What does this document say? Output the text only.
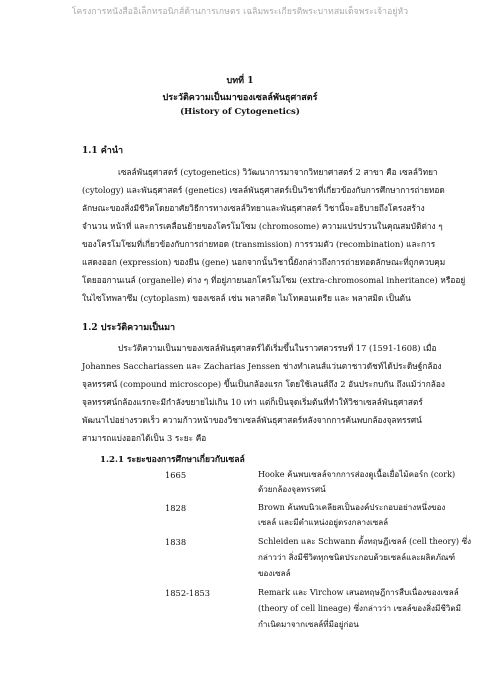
โครงการหนังสืออิเล็กทรอนิกส์ด้านการเกษตร เฉลิมพระเกียรติพระบาทสมเด็จพระเจ้าอยู่หัว
บทที่ 1
ประวัติความเป็นมาของเซลล์พันธุศาสตร์
(History of Cytogenetics)
1.1 คำนำ
เซลล์พันธุศาสตร์ (cytogenetics) วิวัฒนาการมาจากวิทยาศาสตร์ 2 สาขา คือ เซลล์วิทยา
(cytology) และพันธุศาสตร์ (genetics) เซลล์พันธุศาสตร์เป็นวิชาที่เกี่ยวข้องกับการศึกษาการถ่ายทอด
ลักษณะของสิ่งมีชีวิตโดยอาศัยวิธีการทางเซลล์วิทยาและพันธุศาสตร์ วิชานี้จะอธิบายถึงโครงสร้าง
จำนวน หน้าที่ และการเคลื่อนย้ายของโครโมโซม (chromosome) ความแปรปรวนในคุณสมบัติต่าง ๆ
ของโครโมโซมที่เกี่ยวข้องกับการถ่ายทอด (transmission) การรวมตัว (recombination) และการ
แสดงออก (expression) ของยีน (gene) นอกจากนั้นวิชานี้ยังกล่าวถึงการถ่ายทอดลักษณะที่ถูกควบคุม
โดยออกานเนล์ (organelle) ต่าง ๆ ที่อยู่ภายนอกโครโมโซม (extra-chromosomal inheritance) หรืออยู่
ในไซโทพลาซึม (cytoplasm) ของเซลล์ เช่น พลาสติด ไมโทคอนเดรีย และ พลาสมิด เป็นต้น
1.2 ประวัติความเป็นมา
ประวัติความเป็นมาของเซลล์พันธุศาสตร์ได้เริ่มขึ้นในราวศตวรรษที่ 17 (1591-1608) เมื่อ
Johannes Sacchariassen และ Zacharias Jenssen ช่างทำเลนส์แว่นตาชาวดัชท์ได้ประดิษฐ์กล้อง
จุลทรรศน์ (compound microscope) ขึ้นเป็นกล้องแรก โดยใช้เลนส์ถึง 2 อันประกบกัน ถึงแม้ว่ากล้อง
จุลทรรศน์กล้องแรกจะมีกำลังขยายไม่เกิน 10 เท่า แต่ก็เป็นจุดเริ่มต้นที่ทำให้วิชาเซลล์พันธุศาสตร์
พัฒนาไปอย่างรวดเร็ว ความก้าวหน้าของวิชาเซลล์พันธุศาสตร์หลังจากการค้นพบกล้องจุลทรรศน์
สามารถแบ่งออกได้เป็น 3 ระยะ คือ
1.2.1 ระยะของการศึกษาเกี่ยวกับเซลล์
1665	Hooke ค้นพบเซลล์จากการส่องดูเนื้อเยื่อไม้คอร์ก (cork)
ด้วยกล้องจุลทรรศน์
1828	Brown ค้นพบนิวเคลียสเป็นองค์ประกอบอย่างหนึ่งของ
เซลล์ และมีตำแหน่งอยู่ตรงกลางเซลล์
1838	Schleiden และ Schwann ตั้งทฤษฎีเซลล์ (cell theory) ซึ่ง
กล่าวว่า สิ่งมีชีวิตทุกชนิดประกอบด้วยเซลล์และผลิตภัณฑ์
ของเซลล์
1852-1853	Remark และ Virchow เสนอทฤษฎีการสืบเนื่องของเซลล์
(theory of cell lineage) ซึ่งกล่าวว่า เซลล์ของสิ่งมีชีวิตมี
กำเนิดมาจากเซลล์ที่มีอยู่ก่อน
